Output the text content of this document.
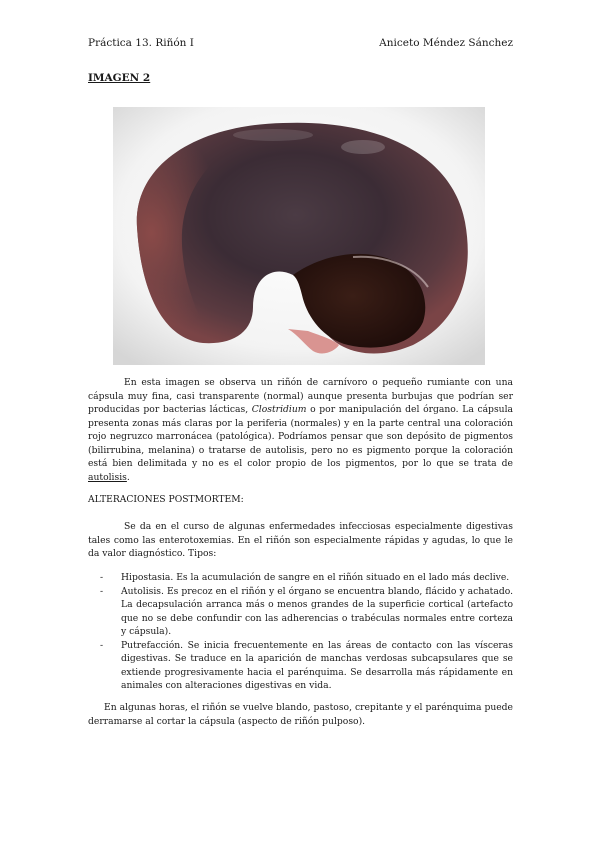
Práctica 13. Riñón I	Aniceto Méndez Sánchez
IMAGEN 2
En esta imagen se observa un riñón de carnívoro o pequeño rumiante con una cápsula muy fina, casi transparente (normal) aunque presenta burbujas que podrían ser producidas por bacterias lácticas, Clostridium o por manipulación del órgano. La cápsula presenta zonas más claras por la periferia (normales) y en la parte central una coloración rojo negruzco marronácea (patológica). Podríamos pensar que son depósito de pigmentos (bilirrubina, melanina) o tratarse de autolisis, pero no es pigmento porque la coloración está bien delimitada y no es el color propio de los pigmentos, por lo que se trata de autolisis.
ALTERACIONES POSTMORTEM:
Se da en el curso de algunas enfermedades infecciosas especialmente digestivas tales como las enterotoxemias. En el riñón son especialmente rápidas y agudas, lo que le da valor diagnóstico. Tipos:
- Hipostasia. Es la acumulación de sangre en el riñón situado en el lado más declive.
- Autolisis. Es precoz en el riñón y el órgano se encuentra blando, flácido y achatado. La decapsulación arranca más o menos grandes de la superficie cortical (artefacto que no se debe confundir con las adherencias o trabéculas normales entre corteza y cápsula).
- Putrefacción. Se inicia frecuentemente en las áreas de contacto con las vísceras digestivas. Se traduce en la aparición de manchas verdosas subcapsulares que se extiende progresivamente hacia el parénquima. Se desarrolla más rápidamente en animales con alteraciones digestivas en vida.
En algunas horas, el riñón se vuelve blando, pastoso, crepitante y el parénquima puede derramarse al cortar la cápsula (aspecto de riñón pulposo).
